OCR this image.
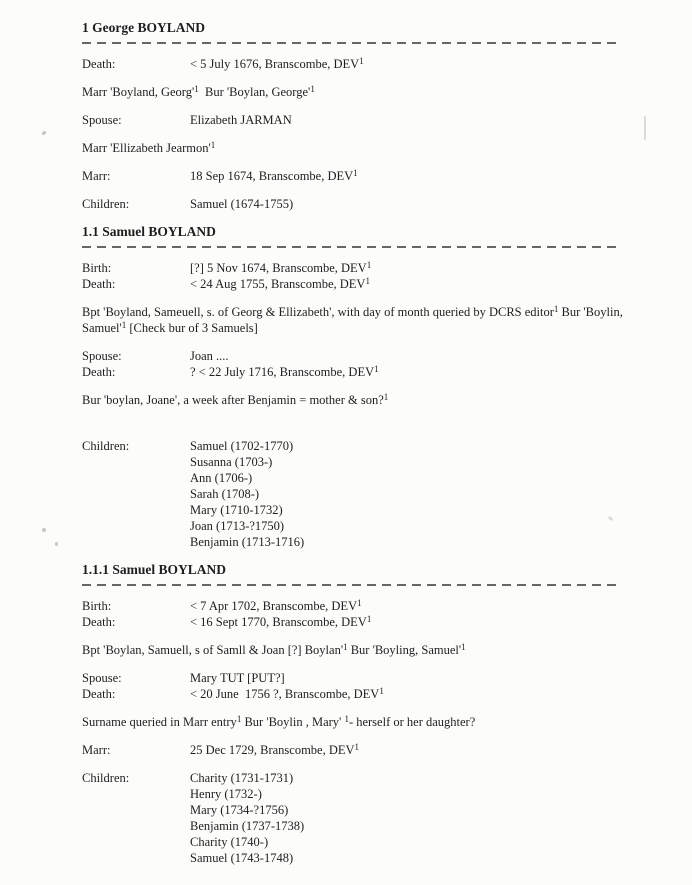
1 George BOYLAND
Death:	< 5 July 1676, Branscombe, DEV$^1$
Marr 'Boyland, $Georg'^1$  Bur 'Boylan, $George'^1$
Spouse:	Elizabeth JARMAN
Marr 'Ellizabeth $Jearmon'^1$
Marr:	18 Sep 1674, Branscombe, DEV$^1$
Children:	Samuel (1674-1755)
1.1 Samuel BOYLAND
Birth:	[?] 5 Nov 1674, Branscombe, DEV$^1$
Death:	< 24 Aug 1755, Branscombe, DEV$^1$
Bpt 'Boyland, Sameuell, s. of Georg & Ellizabeth', with day of month queried by DCRS editor$^1$ Bur 'Boylin,
$Samuel'^1$ [Check bur of 3 Samuels]
Spouse:	Joan ....
Death:	? < 22 July 1716, Branscombe, DEV$^1$
Bur 'boylan, Joane', a week after Benjamin = mother & son?$^1$
Children:	Samuel (1702-1770)
Susanna (1703-)
Ann (1706-)
Sarah (1708-)
Mary (1710-1732)
Joan (1713-?1750)
Benjamin (1713-1716)
1.1.1 Samuel BOYLAND
Birth:	< 7 Apr 1702, Branscombe, DEV$^1$
Death:	< 16 Sept 1770, Branscombe, DEV$^1$
Bpt 'Boylan, Samuell, s of Samll & Joan [?] $Boylan'^1$ Bur 'Boyling, $Samuel'^1$
Spouse:	Mary TUT [PUT?]
Death:	< 20 June  1756 ?, Branscombe, DEV$^1$
Surname queried in Marr entry$^1$ Bur 'Boylin , Mary' $^1$- herself or her daughter?
Marr:	25 Dec 1729, Branscombe, DEV$^1$
Children:	Charity (1731-1731)
Henry (1732-)
Mary (1734-?1756)
Benjamin (1737-1738)
Charity (1740-)
Samuel (1743-1748)
